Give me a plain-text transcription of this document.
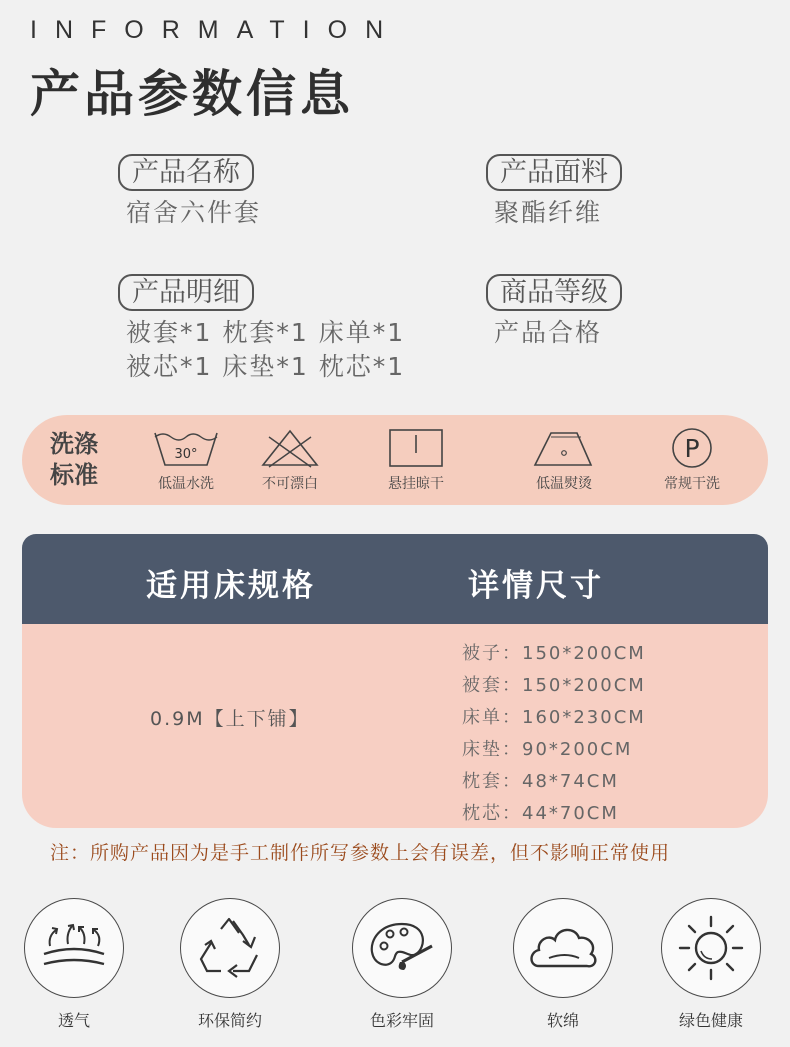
INFORMATION
产品参数信息
产品名称
宿舍六件套
产品面料
聚酯纤维
产品明细
被套*1 枕套*1 床单*1
被芯*1 床垫*1 枕芯*1
商品等级
产品合格
洗涤
标准
30°
低温水洗	不可漂白	悬挂晾干	低温熨烫
P
常规干洗
适用床规格	详情尺寸
0.9M【上下铺】
被子：150*200CM
被套：150*200CM
床单：160*230CM
床垫：90*200CM
枕套：48*74CM
枕芯：44*70CM
注：所购产品因为是手工制作所写参数上会有误差，但不影响正常使用
透气	环保简约	色彩牢固	软绵	绿色健康
